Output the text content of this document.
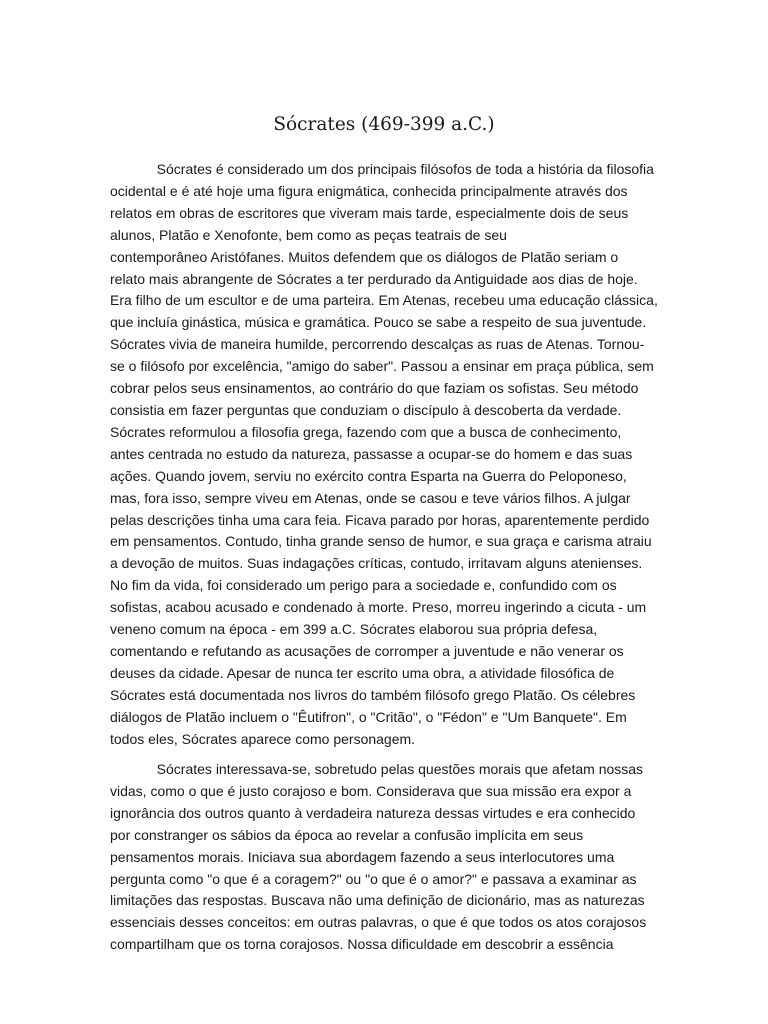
Sócrates (469-399 a.C.)

Sócrates é considerado um dos principais filósofos de toda a história da filosofia
ocidental e é até hoje uma figura enigmática, conhecida principalmente através dos
relatos em obras de escritores que viveram mais tarde, especialmente dois de seus
alunos, Platão e Xenofonte, bem como as peças teatrais de seu
contemporâneo Aristófanes. Muitos defendem que os diálogos de Platão seriam o
relato mais abrangente de Sócrates a ter perdurado da Antiguidade aos dias de hoje.
Era filho de um escultor e de uma parteira. Em Atenas, recebeu uma educação clássica,
que incluía ginástica, música e gramática. Pouco se sabe a respeito de sua juventude.
Sócrates vivia de maneira humilde, percorrendo descalças as ruas de Atenas. Tornou-
se o filósofo por excelência, "amigo do saber". Passou a ensinar em praça pública, sem
cobrar pelos seus ensinamentos, ao contrário do que faziam os sofistas. Seu método
consistia em fazer perguntas que conduziam o discípulo à descoberta da verdade.
Sócrates reformulou a filosofia grega, fazendo com que a busca de conhecimento,
antes centrada no estudo da natureza, passasse a ocupar-se do homem e das suas
ações. Quando jovem, serviu no exército contra Esparta na Guerra do Peloponeso,
mas, fora isso, sempre viveu em Atenas, onde se casou e teve vários filhos. A julgar
pelas descrições tinha uma cara feia. Ficava parado por horas, aparentemente perdido
em pensamentos. Contudo, tinha grande senso de humor, e sua graça e carisma atraiu
a devoção de muitos. Suas indagações críticas, contudo, irritavam alguns atenienses.
No fim da vida, foi considerado um perigo para a sociedade e, confundido com os
sofistas, acabou acusado e condenado à morte. Preso, morreu ingerindo a cicuta - um
veneno comum na época - em 399 a.C. Sócrates elaborou sua própria defesa,
comentando e refutando as acusações de corromper a juventude e não venerar os
deuses da cidade. Apesar de nunca ter escrito uma obra, a atividade filosófica de
Sócrates está documentada nos livros do também filósofo grego Platão. Os célebres
diálogos de Platão incluem o "Êutifron", o "Critão", o "Fédon" e "Um Banquete". Em
todos eles, Sócrates aparece como personagem.

Sócrates interessava-se, sobretudo pelas questões morais que afetam nossas
vidas, como o que é justo corajoso e bom. Considerava que sua missão era expor a
ignorância dos outros quanto à verdadeira natureza dessas virtudes e era conhecido
por constranger os sábios da época ao revelar a confusão implícita em seus
pensamentos morais. Iniciava sua abordagem fazendo a seus interlocutores uma
pergunta como "o que é a coragem?" ou "o que é o amor?" e passava a examinar as
limitações das respostas. Buscava não uma definição de dicionário, mas as naturezas
essenciais desses conceitos: em outras palavras, o que é que todos os atos corajosos
compartilham que os torna corajosos. Nossa dificuldade em descobrir a essência
